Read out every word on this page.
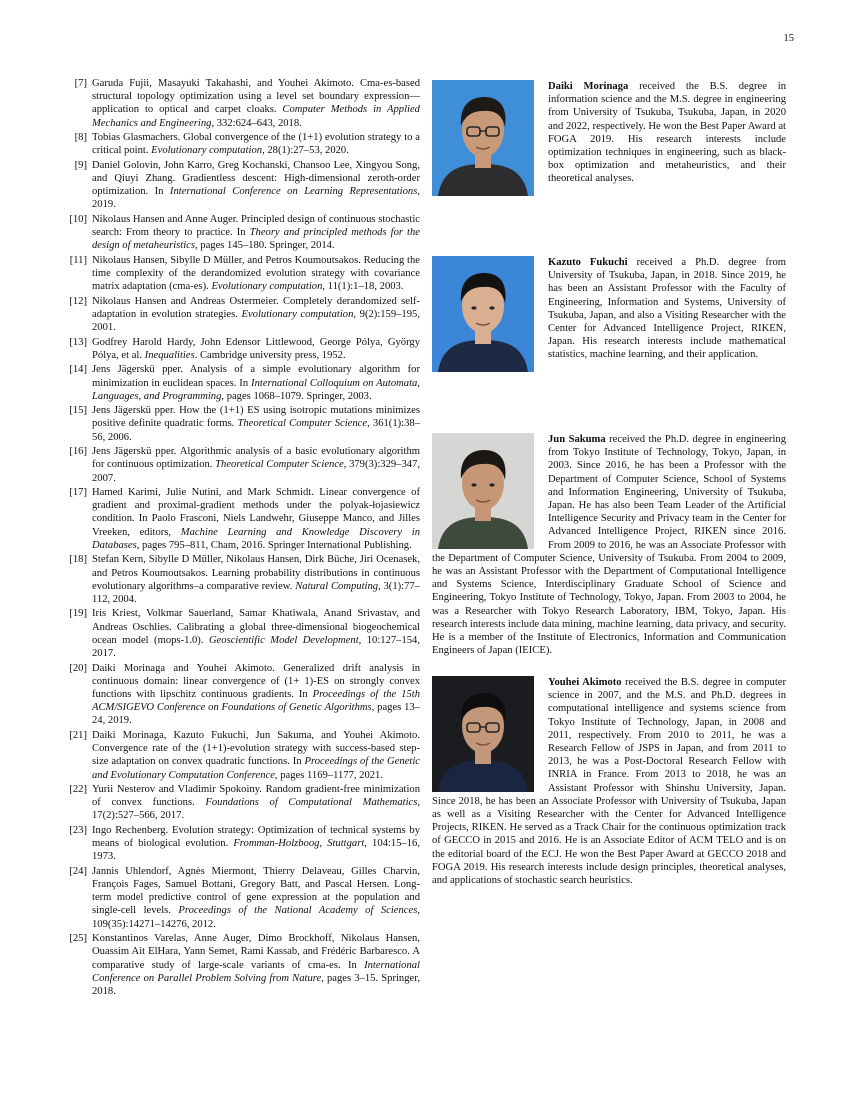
15
[7] Garuda Fujii, Masayuki Takahashi, and Youhei Akimoto. Cma-es-based structural topology optimization using a level set boundary expression—application to optical and carpet cloaks. Computer Methods in Applied Mechanics and Engineering, 332:624–643, 2018.
[8] Tobias Glasmachers. Global convergence of the (1+1) evolution strategy to a critical point. Evolutionary computation, 28(1):27–53, 2020.
[9] Daniel Golovin, John Karro, Greg Kochanski, Chansoo Lee, Xingyou Song, and Qiuyi Zhang. Gradientless descent: High-dimensional zeroth-order optimization. In International Conference on Learning Representations, 2019.
[10] Nikolaus Hansen and Anne Auger. Principled design of continuous stochastic search: From theory to practice. In Theory and principled methods for the design of metaheuristics, pages 145–180. Springer, 2014.
[11] Nikolaus Hansen, Sibylle D Müller, and Petros Koumoutsakos. Reducing the time complexity of the derandomized evolution strategy with covariance matrix adaptation (cma-es). Evolutionary computation, 11(1):1–18, 2003.
[12] Nikolaus Hansen and Andreas Ostermeier. Completely derandomized self-adaptation in evolution strategies. Evolutionary computation, 9(2):159–195, 2001.
[13] Godfrey Harold Hardy, John Edensor Littlewood, George Pólya, György Pólya, et al. Inequalities. Cambridge university press, 1952.
[14] Jens Jägerskü pper. Analysis of a simple evolutionary algorithm for minimization in euclidean spaces. In International Colloquium on Automata, Languages, and Programming, pages 1068–1079. Springer, 2003.
[15] Jens Jägerskü pper. How the (1+1) ES using isotropic mutations minimizes positive definite quadratic forms. Theoretical Computer Science, 361(1):38–56, 2006.
[16] Jens Jägerskü pper. Algorithmic analysis of a basic evolutionary algorithm for continuous optimization. Theoretical Computer Science, 379(3):329–347, 2007.
[17] Hamed Karimi, Julie Nutini, and Mark Schmidt. Linear convergence of gradient and proximal-gradient methods under the polyak-łojasiewicz condition. In Paolo Frasconi, Niels Landwehr, Giuseppe Manco, and Jilles Vreeken, editors, Machine Learning and Knowledge Discovery in Databases, pages 795–811, Cham, 2016. Springer International Publishing.
[18] Stefan Kern, Sibylle D Müller, Nikolaus Hansen, Dirk Büche, Jiri Ocenasek, and Petros Koumoutsakos. Learning probability distributions in continuous evolutionary algorithms–a comparative review. Natural Computing, 3(1):77–112, 2004.
[19] Iris Kriest, Volkmar Sauerland, Samar Khatiwala, Anand Srivastav, and Andreas Oschlies. Calibrating a global three-dimensional biogeochemical ocean model (mops-1.0). Geoscientific Model Development, 10:127–154, 2017.
[20] Daiki Morinaga and Youhei Akimoto. Generalized drift analysis in continuous domain: linear convergence of (1+ 1)-ES on strongly convex functions with lipschitz continuous gradients. In Proceedings of the 15th ACM/SIGEVO Conference on Foundations of Genetic Algorithms, pages 13–24, 2019.
[21] Daiki Morinaga, Kazuto Fukuchi, Jun Sakuma, and Youhei Akimoto. Convergence rate of the (1+1)-evolution strategy with success-based step-size adaptation on convex quadratic functions. In Proceedings of the Genetic and Evolutionary Computation Conference, pages 1169–1177, 2021.
[22] Yurii Nesterov and Vladimir Spokoiny. Random gradient-free minimization of convex functions. Foundations of Computational Mathematics, 17(2):527–566, 2017.
[23] Ingo Rechenberg. Evolution strategy: Optimization of technical systems by means of biological evolution. Fromman-Holzboog, Stuttgart, 104:15–16, 1973.
[24] Jannis Uhlendorf, Agnès Miermont, Thierry Delaveau, Gilles Charvin, François Fages, Samuel Bottani, Gregory Batt, and Pascal Hersen. Long-term model predictive control of gene expression at the population and single-cell levels. Proceedings of the National Academy of Sciences, 109(35):14271–14276, 2012.
[25] Konstantinos Varelas, Anne Auger, Dimo Brockhoff, Nikolaus Hansen, Ouassim Ait ElHara, Yann Semet, Rami Kassab, and Frédéric Barbaresco. A comparative study of large-scale variants of cma-es. In International Conference on Parallel Problem Solving from Nature, pages 3–15. Springer, 2018.
Daiki Morinaga received the B.S. degree in information science and the M.S. degree in engineering from University of Tsukuba, Tsukuba, Japan, in 2020 and 2022, respectively. He won the Best Paper Award at FOGA 2019. His research interests include optimization techniques in engineering, such as black-box optimization and metaheuristics, and their theoretical analyses.
Kazuto Fukuchi received a Ph.D. degree from University of Tsukuba, Japan, in 2018. Since 2019, he has been an Assistant Professor with the Faculty of Engineering, Information and Systems, University of Tsukuba, Japan, and also a Visiting Researcher with the Center for Advanced Intelligence Project, RIKEN, Japan. His research interests include mathematical statistics, machine learning, and their application.
Jun Sakuma received the Ph.D. degree in engineering from Tokyo Institute of Technology, Tokyo, Japan, in 2003. Since 2016, he has been a Professor with the Department of Computer Science, School of Systems and Information Engineering, University of Tsukuba, Japan. He has also been Team Leader of the Artificial Intelligence Security and Privacy team in the Center for Advanced Intelligence Project, RIKEN since 2016. From 2009 to 2016, he was an Associate Professor with the Department of Computer Science, University of Tsukuba. From 2004 to 2009, he was an Assistant Professor with the Department of Computational Intelligence and Systems Science, Interdisciplinary Graduate School of Science and Engineering, Tokyo Institute of Technology, Tokyo, Japan. From 2003 to 2004, he was a Researcher with Tokyo Research Laboratory, IBM, Tokyo, Japan. His research interests include data mining, machine learning, data privacy, and security. He is a member of the Institute of Electronics, Information and Communication Engineers of Japan (IEICE).
Youhei Akimoto received the B.S. degree in computer science in 2007, and the M.S. and Ph.D. degrees in computational intelligence and systems science from Tokyo Institute of Technology, Japan, in 2008 and 2011, respectively. From 2010 to 2011, he was a Research Fellow of JSPS in Japan, and from 2011 to 2013, he was a Post-Doctoral Research Fellow with INRIA in France. From 2013 to 2018, he was an Assistant Professor with Shinshu University, Japan. Since 2018, he has been an Associate Professor with University of Tsukuba, Japan as well as a Visiting Researcher with the Center for Advanced Intelligence Projects, RIKEN. He served as a Track Chair for the continuous optimization track of GECCO in 2015 and 2016. He is an Associate Editor of ACM TELO and is on the editorial board of the ECJ. He won the Best Paper Award at GECCO 2018 and FOGA 2019. His research interests include design principles, theoretical analyses, and applications of stochastic search heuristics.
